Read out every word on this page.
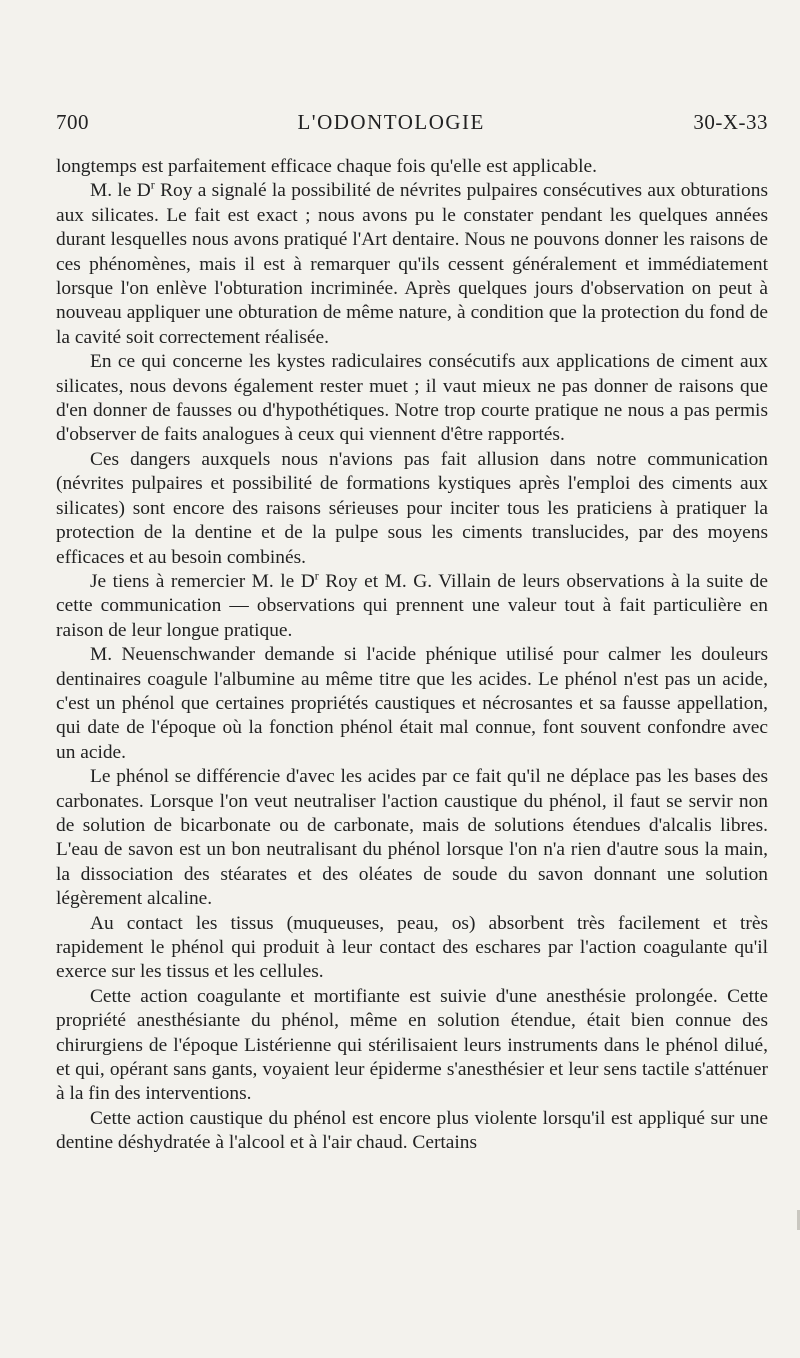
700	L'ODONTOLOGIE	30-X-33

longtemps est parfaitement efficace chaque fois qu'elle est applicable.

M. le $D^r$ Roy a signalé la possibilité de névrites pulpaires consécutives aux obturations aux silicates. Le fait est exact ; nous avons pu le constater pendant les quelques années durant lesquelles nous avons pratiqué l'Art dentaire. Nous ne pouvons donner les raisons de ces phénomènes, mais il est à remarquer qu'ils cessent généralement et immédiatement lorsque l'on enlève l'obturation incriminée. Après quelques jours d'observation on peut à nouveau appliquer une obturation de même nature, à condition que la protection du fond de la cavité soit correctement réalisée.

En ce qui concerne les kystes radiculaires consécutifs aux applications de ciment aux silicates, nous devons également rester muet ; il vaut mieux ne pas donner de raisons que d'en donner de fausses ou d'hypothétiques. Notre trop courte pratique ne nous a pas permis d'observer de faits analogues à ceux qui viennent d'être rapportés.

Ces dangers auxquels nous n'avions pas fait allusion dans notre communication (névrites pulpaires et possibilité de formations kystiques après l'emploi des ciments aux silicates) sont encore des raisons sérieuses pour inciter tous les praticiens à pratiquer la protection de la dentine et de la pulpe sous les ciments translucides, par des moyens efficaces et au besoin combinés.

Je tiens à remercier M. le $D^r$ Roy et M. G. Villain de leurs observations à la suite de cette communication — observations qui prennent une valeur tout à fait particulière en raison de leur longue pratique.

M. Neuenschwander demande si l'acide phénique utilisé pour calmer les douleurs dentinaires coagule l'albumine au même titre que les acides. Le phénol n'est pas un acide, c'est un phénol que certaines propriétés caustiques et nécrosantes et sa fausse appellation, qui date de l'époque où la fonction phénol était mal connue, font souvent confondre avec un acide.

Le phénol se différencie d'avec les acides par ce fait qu'il ne déplace pas les bases des carbonates. Lorsque l'on veut neutraliser l'action caustique du phénol, il faut se servir non de solution de bicarbonate ou de carbonate, mais de solutions étendues d'alcalis libres. L'eau de savon est un bon neutralisant du phénol lorsque l'on n'a rien d'autre sous la main, la dissociation des stéarates et des oléates de soude du savon donnant une solution légèrement alcaline.

Au contact les tissus (muqueuses, peau, os) absorbent très facilement et très rapidement le phénol qui produit à leur contact des eschares par l'action coagulante qu'il exerce sur les tissus et les cellules.

Cette action coagulante et mortifiante est suivie d'une anesthésie prolongée. Cette propriété anesthésiante du phénol, même en solution étendue, était bien connue des chirurgiens de l'époque Listérienne qui stérilisaient leurs instruments dans le phénol dilué, et qui, opérant sans gants, voyaient leur épiderme s'anesthésier et leur sens tactile s'atténuer à la fin des interventions.

Cette action caustique du phénol est encore plus violente lorsqu'il est appliqué sur une dentine déshydratée à l'alcool et à l'air chaud. Certains
